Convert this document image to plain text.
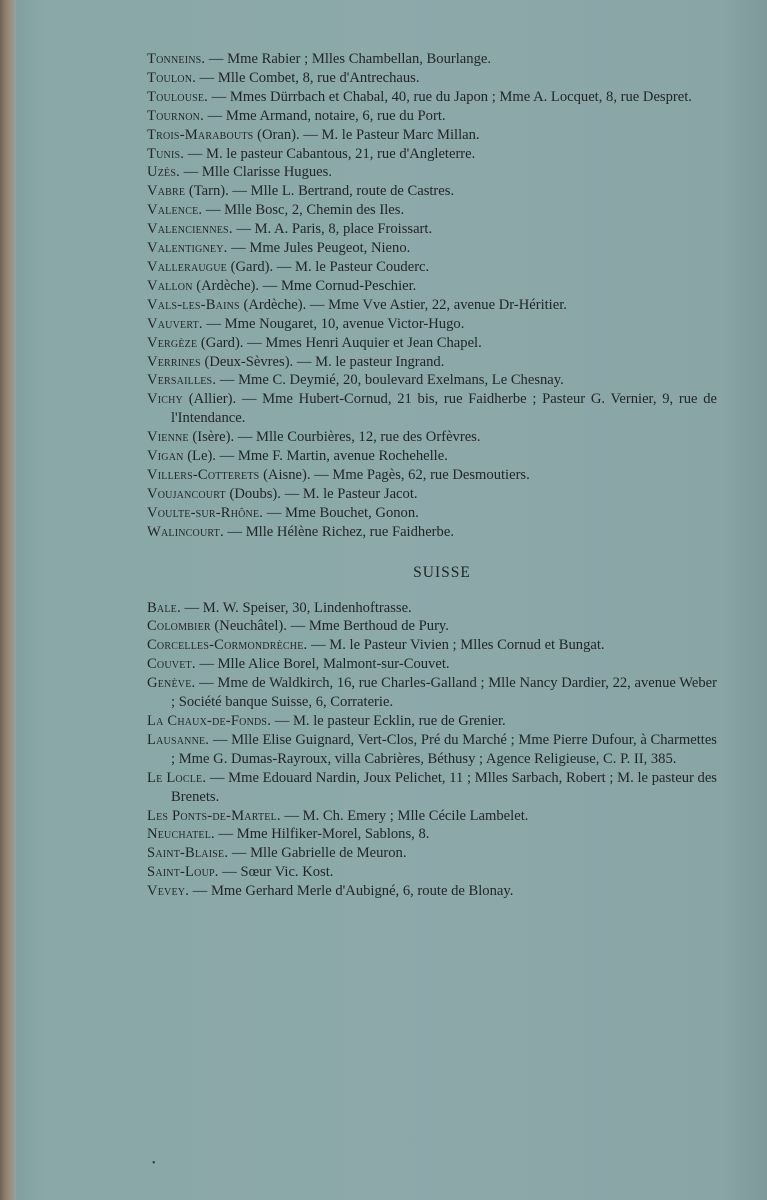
Tonneins. — Mme Rabier ; Mlles Chambellan, Bourlange.
Toulon. — Mlle Combet, 8, rue d'Antrechaus.
Toulouse. — Mmes Dürrbach et Chabal, 40, rue du Japon ; Mme A. Locquet, 8, rue Despret.
Tournon. — Mme Armand, notaire, 6, rue du Port.
Trois-Marabouts (Oran). — M. le Pasteur Marc Millan.
Tunis. — M. le pasteur Cabantous, 21, rue d'Angleterre.
Uzès. — Mlle Clarisse Hugues.
Vabre (Tarn). — Mlle L. Bertrand, route de Castres.
Valence. — Mlle Bosc, 2, Chemin des Iles.
Valenciennes. — M. A. Paris, 8, place Froissart.
Valentigney. — Mme Jules Peugeot, Nieno.
Valleraugue (Gard). — M. le Pasteur Couderc.
Vallon (Ardèche). — Mme Cornud-Peschier.
Vals-les-Bains (Ardèche). — Mme Vve Astier, 22, avenue Dr-Héritier.
Vauvert. — Mme Nougaret, 10, avenue Victor-Hugo.
Vergèze (Gard). — Mmes Henri Auquier et Jean Chapel.
Verrines (Deux-Sèvres). — M. le pasteur Ingrand.
Versailles. — Mme C. Deymié, 20, boulevard Exelmans, Le Chesnay.
Vichy (Allier). — Mme Hubert-Cornud, 21 bis, rue Faidherbe ; Pasteur G. Vernier, 9, rue de l'Intendance.
Vienne (Isère). — Mlle Courbières, 12, rue des Orfèvres.
Vigan (Le). — Mme F. Martin, avenue Rochehelle.
Villers-Cotterets (Aisne). — Mme Pagès, 62, rue Desmoutiers.
Voujancourt (Doubs). — M. le Pasteur Jacot.
Voulte-sur-Rhône. — Mme Bouchet, Gonon.
Walincourt. — Mlle Hélène Richez, rue Faidherbe.
SUISSE
Bale. — M. W. Speiser, 30, Lindenhoftrasse.
Colombier (Neuchâtel). — Mme Berthoud de Pury.
Corcelles-Cormondrèche. — M. le Pasteur Vivien ; Mlles Cornud et Bungat.
Couvet. — Mlle Alice Borel, Malmont-sur-Couvet.
Genève. — Mme de Waldkirch, 16, rue Charles-Galland ; Mlle Nancy Dardier, 22, avenue Weber ; Société banque Suisse, 6, Corraterie.
La Chaux-de-Fonds. — M. le pasteur Ecklin, rue de Grenier.
Lausanne. — Mlle Elise Guignard, Vert-Clos, Pré du Marché ; Mme Pierre Dufour, à Charmettes ; Mme G. Dumas-Rayroux, villa Cabrières, Béthusy ; Agence Religieuse, C. P. II, 385.
Le Locle. — Mme Edouard Nardin, Joux Pelichet, 11 ; Mlles Sarbach, Robert ; M. le pasteur des Brenets.
Les Ponts-de-Martel. — M. Ch. Emery ; Mlle Cécile Lambelet.
Neuchatel. — Mme Hilfiker-Morel, Sablons, 8.
Saint-Blaise. — Mlle Gabrielle de Meuron.
Saint-Loup. — Sœur Vic. Kost.
Vevey. — Mme Gerhard Merle d'Aubigné, 6, route de Blonay.
•
